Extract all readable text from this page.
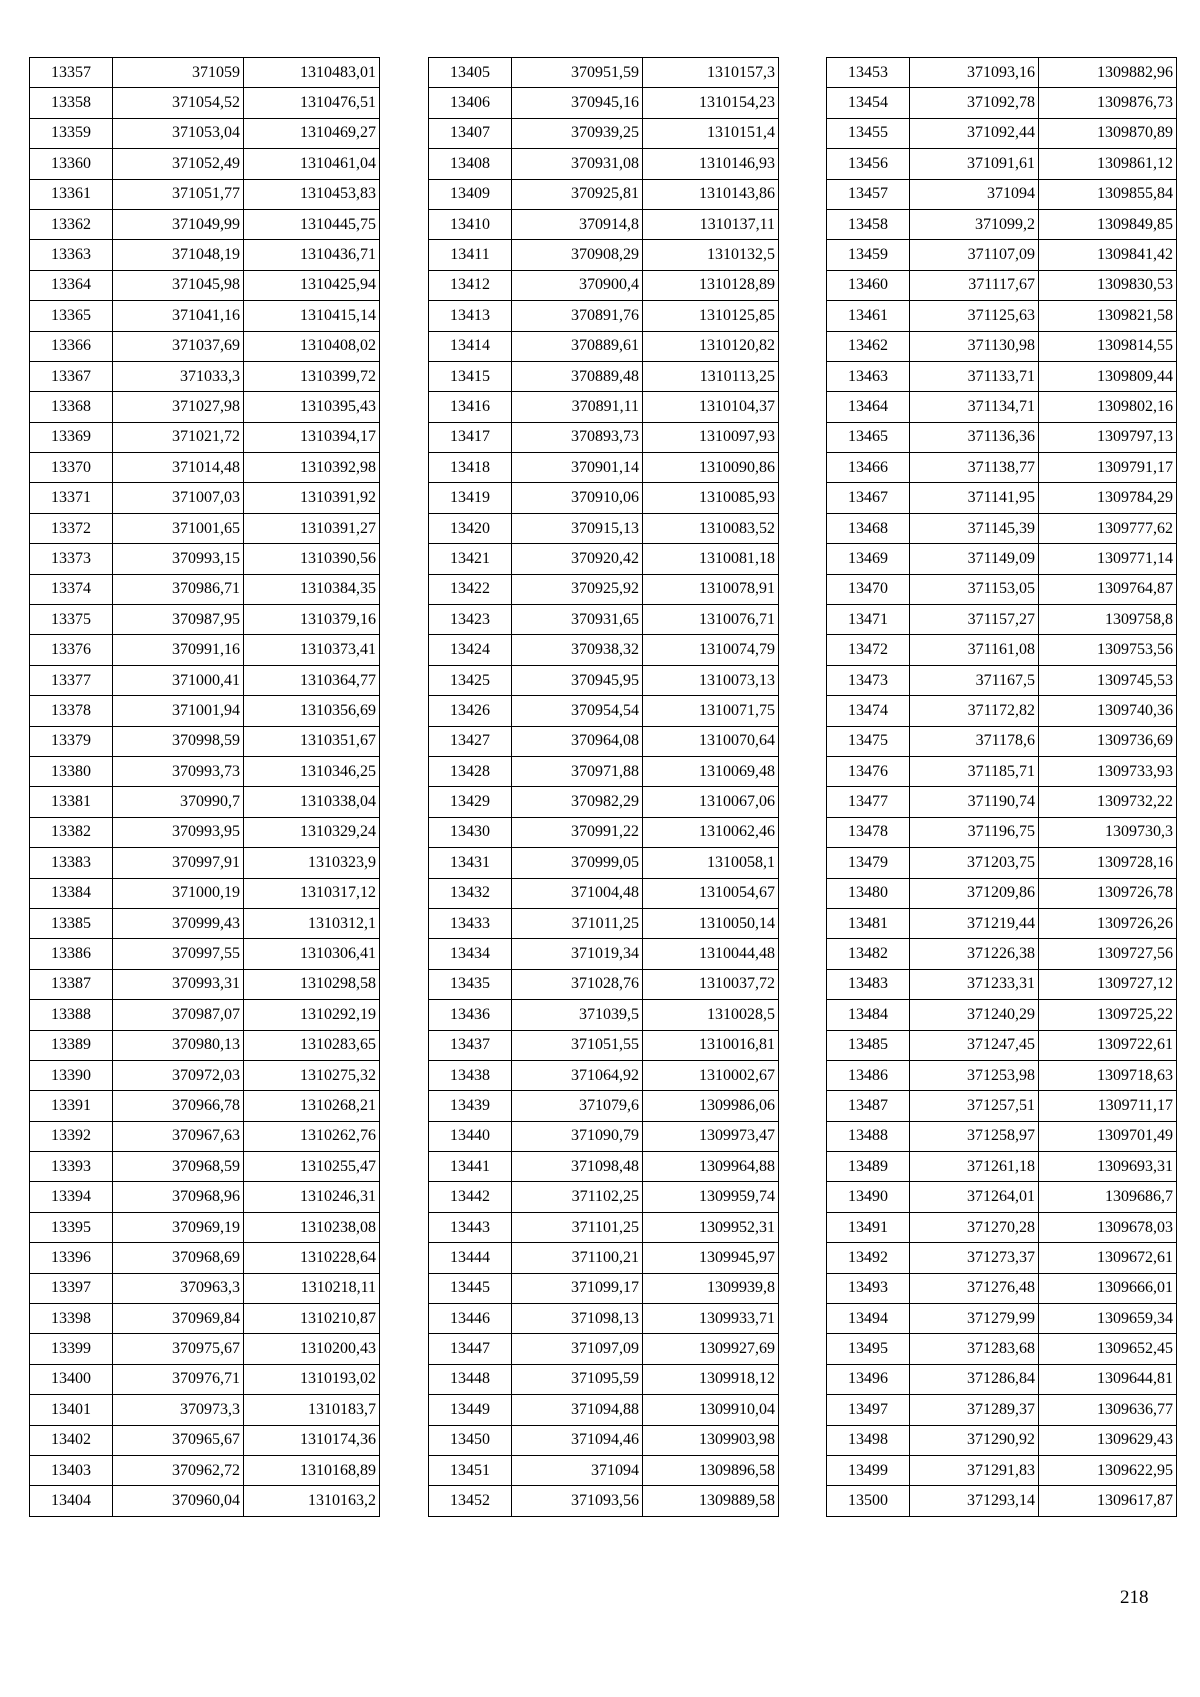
13357	371059	1310483,01
13358	371054,52	1310476,51
13359	371053,04	1310469,27
13360	371052,49	1310461,04
13361	371051,77	1310453,83
13362	371049,99	1310445,75
13363	371048,19	1310436,71
13364	371045,98	1310425,94
13365	371041,16	1310415,14
13366	371037,69	1310408,02
13367	371033,3	1310399,72
13368	371027,98	1310395,43
13369	371021,72	1310394,17
13370	371014,48	1310392,98
13371	371007,03	1310391,92
13372	371001,65	1310391,27
13373	370993,15	1310390,56
13374	370986,71	1310384,35
13375	370987,95	1310379,16
13376	370991,16	1310373,41
13377	371000,41	1310364,77
13378	371001,94	1310356,69
13379	370998,59	1310351,67
13380	370993,73	1310346,25
13381	370990,7	1310338,04
13382	370993,95	1310329,24
13383	370997,91	1310323,9
13384	371000,19	1310317,12
13385	370999,43	1310312,1
13386	370997,55	1310306,41
13387	370993,31	1310298,58
13388	370987,07	1310292,19
13389	370980,13	1310283,65
13390	370972,03	1310275,32
13391	370966,78	1310268,21
13392	370967,63	1310262,76
13393	370968,59	1310255,47
13394	370968,96	1310246,31
13395	370969,19	1310238,08
13396	370968,69	1310228,64
13397	370963,3	1310218,11
13398	370969,84	1310210,87
13399	370975,67	1310200,43
13400	370976,71	1310193,02
13401	370973,3	1310183,7
13402	370965,67	1310174,36
13403	370962,72	1310168,89
13404	370960,04	1310163,2
13405	370951,59	1310157,3
13406	370945,16	1310154,23
13407	370939,25	1310151,4
13408	370931,08	1310146,93
13409	370925,81	1310143,86
13410	370914,8	1310137,11
13411	370908,29	1310132,5
13412	370900,4	1310128,89
13413	370891,76	1310125,85
13414	370889,61	1310120,82
13415	370889,48	1310113,25
13416	370891,11	1310104,37
13417	370893,73	1310097,93
13418	370901,14	1310090,86
13419	370910,06	1310085,93
13420	370915,13	1310083,52
13421	370920,42	1310081,18
13422	370925,92	1310078,91
13423	370931,65	1310076,71
13424	370938,32	1310074,79
13425	370945,95	1310073,13
13426	370954,54	1310071,75
13427	370964,08	1310070,64
13428	370971,88	1310069,48
13429	370982,29	1310067,06
13430	370991,22	1310062,46
13431	370999,05	1310058,1
13432	371004,48	1310054,67
13433	371011,25	1310050,14
13434	371019,34	1310044,48
13435	371028,76	1310037,72
13436	371039,5	1310028,5
13437	371051,55	1310016,81
13438	371064,92	1310002,67
13439	371079,6	1309986,06
13440	371090,79	1309973,47
13441	371098,48	1309964,88
13442	371102,25	1309959,74
13443	371101,25	1309952,31
13444	371100,21	1309945,97
13445	371099,17	1309939,8
13446	371098,13	1309933,71
13447	371097,09	1309927,69
13448	371095,59	1309918,12
13449	371094,88	1309910,04
13450	371094,46	1309903,98
13451	371094	1309896,58
13452	371093,56	1309889,58
13453	371093,16	1309882,96
13454	371092,78	1309876,73
13455	371092,44	1309870,89
13456	371091,61	1309861,12
13457	371094	1309855,84
13458	371099,2	1309849,85
13459	371107,09	1309841,42
13460	371117,67	1309830,53
13461	371125,63	1309821,58
13462	371130,98	1309814,55
13463	371133,71	1309809,44
13464	371134,71	1309802,16
13465	371136,36	1309797,13
13466	371138,77	1309791,17
13467	371141,95	1309784,29
13468	371145,39	1309777,62
13469	371149,09	1309771,14
13470	371153,05	1309764,87
13471	371157,27	1309758,8
13472	371161,08	1309753,56
13473	371167,5	1309745,53
13474	371172,82	1309740,36
13475	371178,6	1309736,69
13476	371185,71	1309733,93
13477	371190,74	1309732,22
13478	371196,75	1309730,3
13479	371203,75	1309728,16
13480	371209,86	1309726,78
13481	371219,44	1309726,26
13482	371226,38	1309727,56
13483	371233,31	1309727,12
13484	371240,29	1309725,22
13485	371247,45	1309722,61
13486	371253,98	1309718,63
13487	371257,51	1309711,17
13488	371258,97	1309701,49
13489	371261,18	1309693,31
13490	371264,01	1309686,7
13491	371270,28	1309678,03
13492	371273,37	1309672,61
13493	371276,48	1309666,01
13494	371279,99	1309659,34
13495	371283,68	1309652,45
13496	371286,84	1309644,81
13497	371289,37	1309636,77
13498	371290,92	1309629,43
13499	371291,83	1309622,95
13500	371293,14	1309617,87
218
